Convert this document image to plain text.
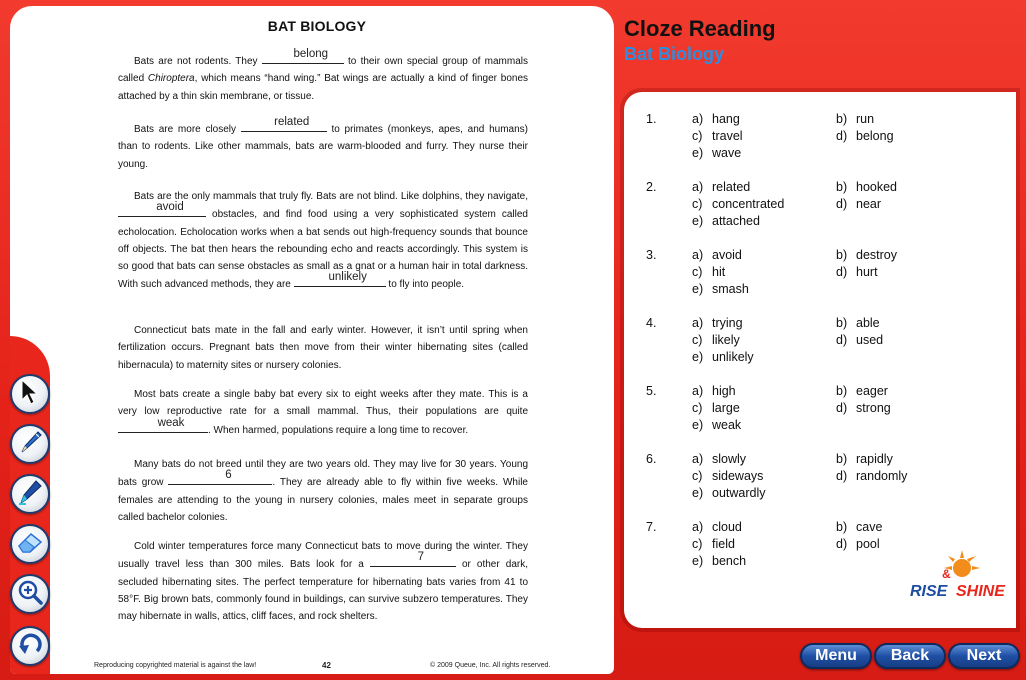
BAT BIOLOGY

Bats are not rodents. They
belong
to their own special group of mammals called Chiroptera, which means “hand wing.” Bat wings are actually a kind of finger bones attached by a thin skin membrane, or tissue.

Bats are more closely
related
to primates (monkeys, apes, and humans) than to rodents. Like other mammals, bats are warm-blooded and furry. They nurse their young.

Bats are the only mammals that truly fly. Bats are not blind. Like dolphins, they navigate,
avoid
obstacles, and find food using a very sophisticated system called echolocation. Echolocation works when a bat sends out high-frequency sounds that bounce off objects. The bat then hears the rebounding echo and reacts accordingly. This system is so good that bats can sense obstacles as small as a gnat or a human hair in total darkness. With such advanced methods, they are
unlikely
to fly into people.

Connecticut bats mate in the fall and early winter. However, it isn’t until spring when fertilization occurs. Pregnant bats then move from their winter hibernating sites (called hibernacula) to maternity sites or nursery colonies.

Most bats create a single baby bat every six to eight weeks after they mate. This is a very low reproductive rate for a small mammal. Thus, their populations are quite
weak
. When harmed, populations require a long time to recover.

Many bats do not breed until they are two years old. They may live for 30 years. Young bats grow
6
. They are already able to fly within five weeks. While females are attending to the young in nursery colonies, males meet in separate groups called bachelor colonies.

Cold winter temperatures force many Connecticut bats to move during the winter. They usually travel less than 300 miles. Bats look for a
7
or other dark, secluded hibernating sites. The perfect temperature for hibernating bats varies from 41 to 58°F. Big brown bats, commonly found in buildings, can survive subzero temperatures. They may hibernate in walls, attics, cliff faces, and rock shelters.

Reproducing copyrighted material is against the law!	42	© 2009 Queue, Inc. All rights reserved.
Cloze Reading
Bat Biology
1.	a) hang	b) run
c) travel	d) belong
e) wave
2.	a) related	b) hooked
c) concentrated	d) near
e) attached
3.	a) avoid	b) destroy
c) hit	d) hurt
e) smash
4.	a) trying	b) able
c) likely	d) used
e) unlikely
5.	a) high	b) eager
c) large	d) strong
e) weak
6.	a) slowly	b) rapidly
c) sideways	d) randomly
e) outwardly
7.	a) cloud	b) cave
c) field	d) pool
e) bench
&
RISE SHINE
Menu	Back	Next
